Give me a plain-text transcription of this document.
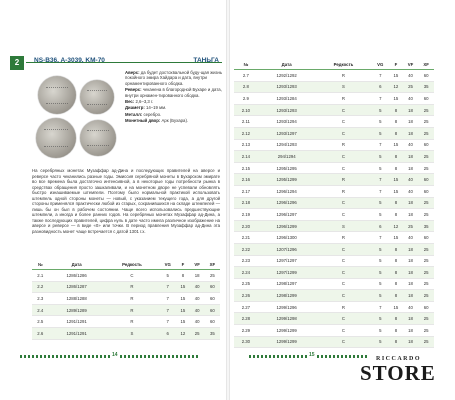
2	NS-B36, A-3039, KM-70	ТАНЬГА

Аверс: да будет достохвальной буду-щая жизнь покойного эмира Хайдара и дата, внутри орнаментированного ободка.

Реверс: чеканена в благородной Бухаре и дата, внутри орнамен-тированного ободка.

Вес: 2,6–3,3 г.

Диаметр: 14–19 мм.

Металл: серебро.

Монетный двор: Арк (Бухара).

На серебряных монетах Музаффар ад-Дина и последующих правителей на аверсе и реверсе часто чеканились разные годы. Эмиссия серебряной монеты в Бухарском эмирате во все времена была достаточно интенсивной, а в некоторые годы потребности рынка в средствах обращения просто зашкаливали, и на монетном дворе не успевали обновлять быстро изнашиваемые штемпели. Поэтому было нормальной практикой использовать штемпель одной стороны монеты — новый, с указанием текущего года, а для другой стороны применялся практически любой из старых, сохранившихся на складе штемпелей — лишь бы он был в рабочем состоянии. Чаще всего использовались предшествующие штемпели, а иногда и более ранних годов. На серебряных монетах Музаффар ад-Дина, а также последующих правителей, цифра нуль в дате часто имела различное изображение на аверсе и реверсе — в виде «0» или точки. В период правления Музаффар ад-Дина эта разновидность монет чаще встречается с датой 1301 г.х.
№	Дата	Редкость	VG	F	VF	XF
2.1	1286/1286	C	5	8	18	25
2.2	1286/1287	R	7	15	40	60
2.3	1288/1288	R	7	15	40	60
2.4	1289/1289	R	7	15	40	60
2.5	1291/1291	R	7	15	40	60
2.6	1291/1291	S	6	12	25	35
14
№	Дата	Редкость	VG	F	VF	XF
2.7	1292/1292	R	7	15	40	60
2.8	1293/1293	S	6	12	25	35
2.9	1293/1284	R	7	15	40	60
2.10	1293/1293	C	5	8	18	25
2.11	1293/1294	C	5	8	18	25
2.12	1293/1297	C	5	8	18	25
2.13	1294/1293	R	7	15	40	60
2.14	294/1294	C	5	8	18	25
2.15	1295/1295	C	5	8	18	25
2.16	1295/1299	R	7	15	40	60
2.17	1296/1294	R	7	15	40	60
2.18	1296/1296	C	5	8	18	25
2.19	1296/1297	C	5	8	18	25
2.20	1296/1299	S	6	12	25	35
2.21	1296/1300	R	7	15	40	60
2.22	1207/1296	C	5	8	18	25
2.23	1297/1297	C	5	8	18	25
2.24	1297/1299	C	5	8	18	25
2.25	1298/1297	C	5	8	18	25
2.26	1298/1299	C	5	8	18	25
2.27	1299/1296	R	7	15	40	60
2.28	1299/1298	C	5	8	18	25
2.29	1299/1299	C	5	8	18	25
2.30	1299/1299	C	5	8	18	25
15
RICCARDO
STORE
